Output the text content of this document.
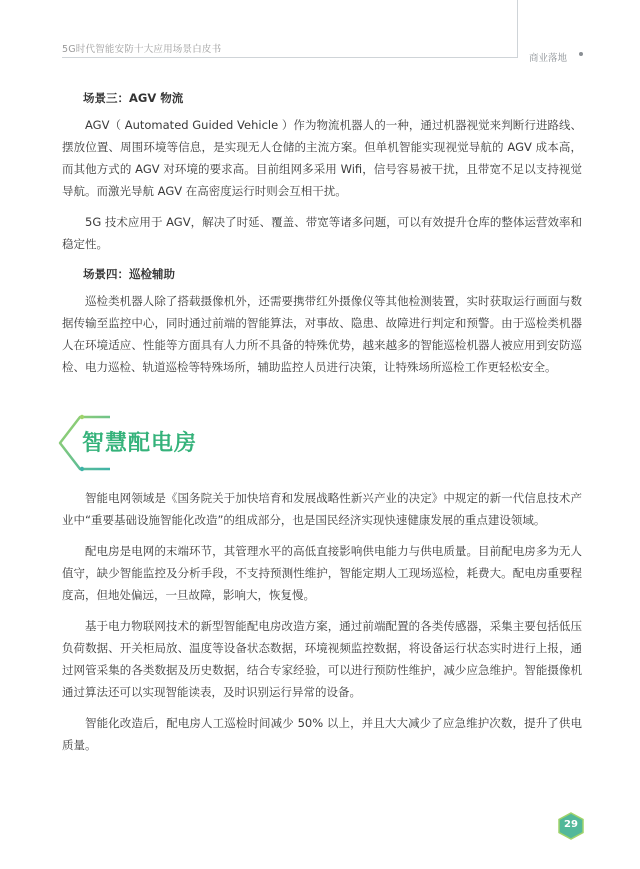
5G时代智能安防十大应用场景白皮书
商业落地
场景三：AGV 物流

AGV（ Automated Guided Vehicle ）作为物流机器人的一种，通过机器视觉来判断行进路线、摆放位置、周围环境等信息，是实现无人仓储的主流方案。但单机智能实现视觉导航的 AGV 成本高，而其他方式的 AGV 对环境的要求高。目前组网多采用 Wifi，信号容易被干扰，且带宽不足以支持视觉导航。而激光导航 AGV 在高密度运行时则会互相干扰。

5G 技术应用于 AGV，解决了时延、覆盖、带宽等诸多问题，可以有效提升仓库的整体运营效率和稳定性。

场景四：巡检辅助

巡检类机器人除了搭载摄像机外，还需要携带红外摄像仪等其他检测装置，实时获取运行画面与数据传输至监控中心，同时通过前端的智能算法，对事故、隐患、故障进行判定和预警。由于巡检类机器人在环境适应、性能等方面具有人力所不具备的特殊优势，越来越多的智能巡检机器人被应用到安防巡检、电力巡检、轨道巡检等特殊场所，辅助监控人员进行决策，让特殊场所巡检工作更轻松安全。

智慧配电房

智能电网领域是《国务院关于加快培育和发展战略性新兴产业的决定》中规定的新一代信息技术产业中“重要基础设施智能化改造”的组成部分，也是国民经济实现快速健康发展的重点建设领域。

配电房是电网的末端环节，其管理水平的高低直接影响供电能力与供电质量。目前配电房多为无人值守，缺少智能监控及分析手段，不支持预测性维护，智能定期人工现场巡检，耗费大。配电房重要程度高，但地处偏远，一旦故障，影响大，恢复慢。

基于电力物联网技术的新型智能配电房改造方案，通过前端配置的各类传感器，采集主要包括低压负荷数据、开关柜局放、温度等设备状态数据，环境视频监控数据，将设备运行状态实时进行上报，通过网管采集的各类数据及历史数据，结合专家经验，可以进行预防性维护，减少应急维护。智能摄像机通过算法还可以实现智能读表，及时识别运行异常的设备。

智能化改造后，配电房人工巡检时间减少 50% 以上，并且大大减少了应急维护次数，提升了供电质量。

29
